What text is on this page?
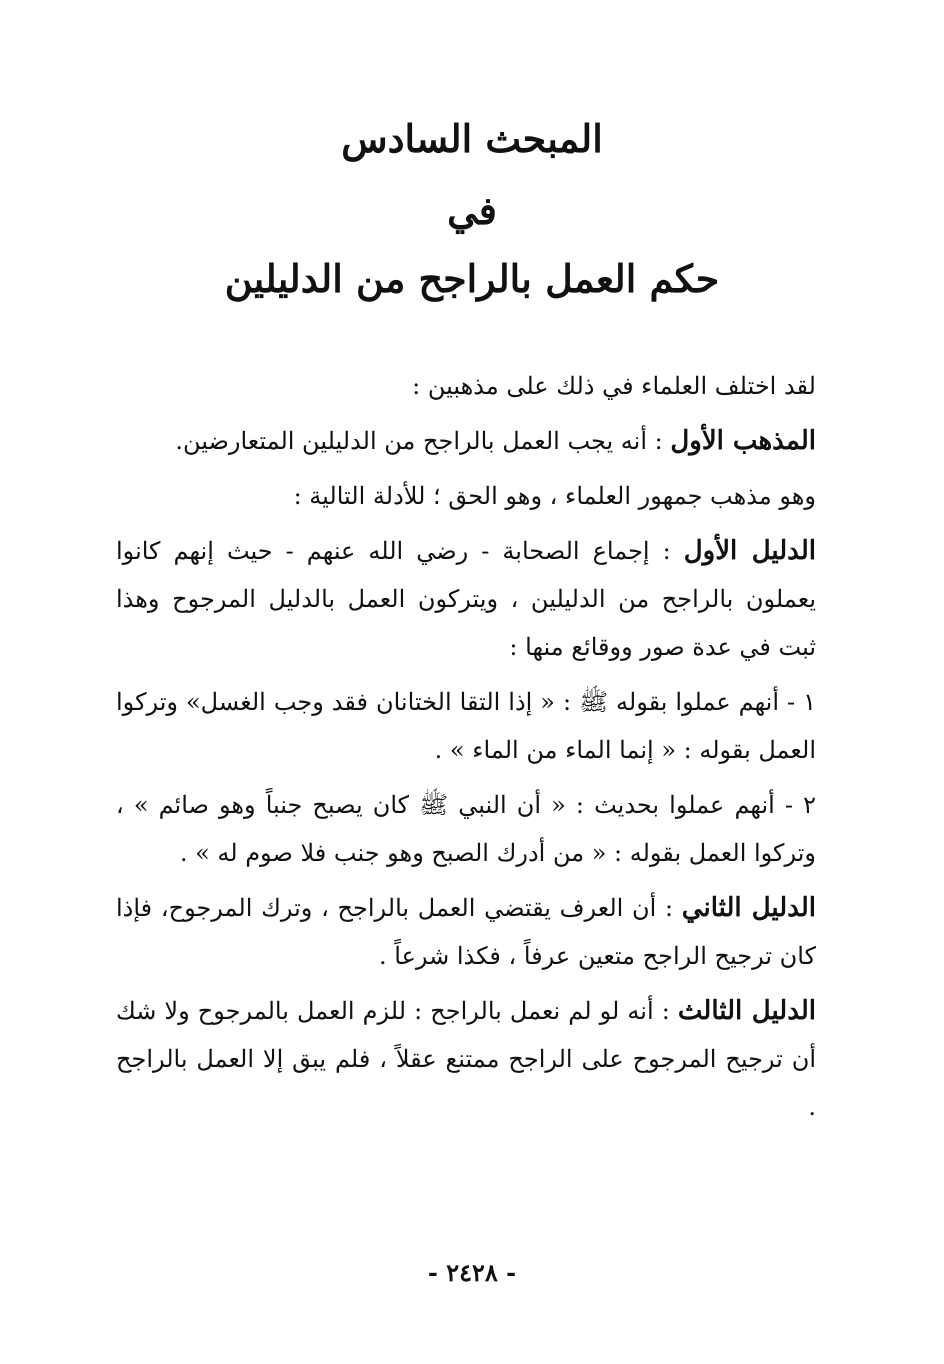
المبحث السادس
في
حكم العمل بالراجح من الدليلين

لقد اختلف العلماء في ذلك على مذهبين :

المذهب الأول : أنه يجب العمل بالراجح من الدليلين المتعارضين.

وهو مذهب جمهور العلماء ، وهو الحق ؛ للأدلة التالية :

الدليل الأول : إجماع الصحابة - رضي الله عنهم - حيث إنهم كانوا يعملون بالراجح من الدليلين ، ويتركون العمل بالدليل المرجوح وهذا ثبت في عدة صور ووقائع منها :

١ - أنهم عملوا بقوله ﷺ : « إذا التقا الختانان فقد وجب الغسل» وتركوا العمل بقوله : « إنما الماء من الماء » .

٢ - أنهم عملوا بحديث : « أن النبي ﷺ كان يصبح جنباً وهو صائم » ، وتركوا العمل بقوله : « من أدرك الصبح وهو جنب فلا صوم له » .

الدليل الثاني : أن العرف يقتضي العمل بالراجح ، وترك المرجوح، فإذا كان ترجيح الراجح متعين عرفاً ، فكذا شرعاً .

الدليل الثالث : أنه لو لم نعمل بالراجح : للزم العمل بالمرجوح ولا شك أن ترجيح المرجوح على الراجح ممتنع عقلاً ، فلم يبق إلا العمل بالراجح .

- ٢٤٢٨ -
